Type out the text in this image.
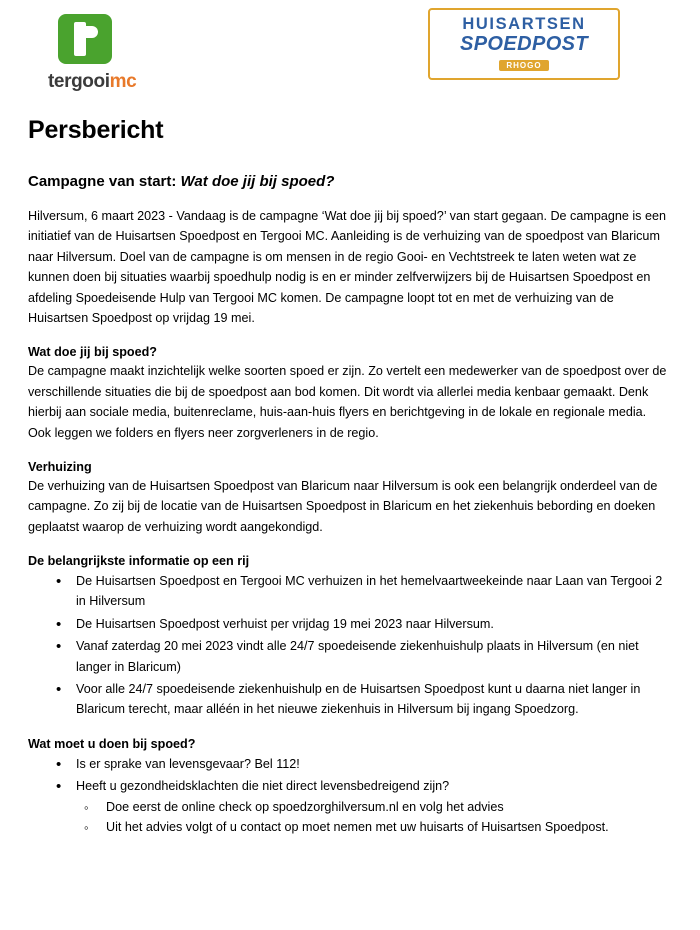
tergooimc
HUISARTSEN
SPOEDPOST
RHOGO
Persbericht
Campagne van start: Wat doe jij bij spoed?

Hilversum, 6 maart 2023 - Vandaag is de campagne ‘Wat doe jij bij spoed?’ van start gegaan. De campagne is een initiatief van de Huisartsen Spoedpost en Tergooi MC. Aanleiding is de verhuizing van de spoedpost van Blaricum naar Hilversum. Doel van de campagne is om mensen in de regio Gooi- en Vechtstreek te laten weten wat ze kunnen doen bij situaties waarbij spoedhulp nodig is en er minder zelfverwijzers bij de Huisartsen Spoedpost en afdeling Spoedeisende Hulp van Tergooi MC komen. De campagne loopt tot en met de verhuizing van de Huisartsen Spoedpost op vrijdag 19 mei.

Wat doe jij bij spoed?

De campagne maakt inzichtelijk welke soorten spoed er zijn. Zo vertelt een medewerker van de spoedpost over de verschillende situaties die bij de spoedpost aan bod komen. Dit wordt via allerlei media kenbaar gemaakt. Denk hierbij aan sociale media, buitenreclame, huis-aan-huis flyers en berichtgeving in de lokale en regionale media. Ook leggen we folders en flyers neer zorgverleners in de regio.

Verhuizing

De verhuizing van de Huisartsen Spoedpost van Blaricum naar Hilversum is ook een belangrijk onderdeel van de campagne. Zo zij bij de locatie van de Huisartsen Spoedpost in Blaricum en het ziekenhuis bebording en doeken geplaatst waarop de verhuizing wordt aangekondigd.

De belangrijkste informatie op een rij
• De Huisartsen Spoedpost en Tergooi MC verhuizen in het hemelvaartweekeinde naar Laan van Tergooi 2 in Hilversum
• De Huisartsen Spoedpost verhuist per vrijdag 19 mei 2023 naar Hilversum.
• Vanaf zaterdag 20 mei 2023 vindt alle 24/7 spoedeisende ziekenhuishulp plaats in Hilversum (en niet langer in Blaricum)
• Voor alle 24/7 spoedeisende ziekenhuishulp en de Huisartsen Spoedpost kunt u daarna niet langer in Blaricum terecht, maar alléén in het nieuwe ziekenhuis in Hilversum bij ingang Spoedzorg.
Wat moet u doen bij spoed?
• Is er sprake van levensgevaar? Bel 112!
• Heeft u gezondheidsklachten die niet direct levensbedreigend zijn?
◦ Doe eerst de online check op spoedzorghilversum.nl en volg het advies
◦ Uit het advies volgt of u contact op moet nemen met uw huisarts of Huisartsen Spoedpost.
